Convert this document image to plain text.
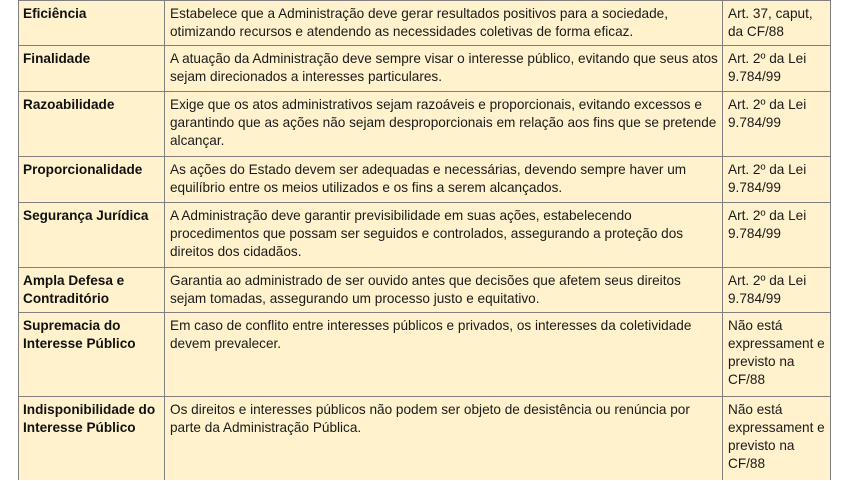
Eficiência	Estabelece que a Administração deve gerar resultados positivos para a sociedade, otimizando recursos e atendendo as necessidades coletivas de forma eficaz.	Art. 37, caput, da CF/88
Finalidade	A atuação da Administração deve sempre visar o interesse público, evitando que seus atos sejam direcionados a interesses particulares.	Art. 2º da Lei 9.784/99
Razoabilidade	Exige que os atos administrativos sejam razoáveis e proporcionais, evitando excessos e garantindo que as ações não sejam desproporcionais em relação aos fins que se pretende alcançar.	Art. 2º da Lei 9.784/99
Proporcionalidade	As ações do Estado devem ser adequadas e necessárias, devendo sempre haver um equilíbrio entre os meios utilizados e os fins a serem alcançados.	Art. 2º da Lei 9.784/99
Segurança Jurídica	A Administração deve garantir previsibilidade em suas ações, estabelecendo procedimentos que possam ser seguidos e controlados, assegurando a proteção dos direitos dos cidadãos.	Art. 2º da Lei 9.784/99
Ampla Defesa e Contraditório	Garantia ao administrado de ser ouvido antes que decisões que afetem seus direitos sejam tomadas, assegurando um processo justo e equitativo.	Art. 2º da Lei 9.784/99
Supremacia do Interesse Público	Em caso de conflito entre interesses públicos e privados, os interesses da coletividade devem prevalecer.	Não está expressament e previsto na CF/88
Indisponibilidade do Interesse Público	Os direitos e interesses públicos não podem ser objeto de desistência ou renúncia por parte da Administração Pública.	Não está expressament e previsto na CF/88
